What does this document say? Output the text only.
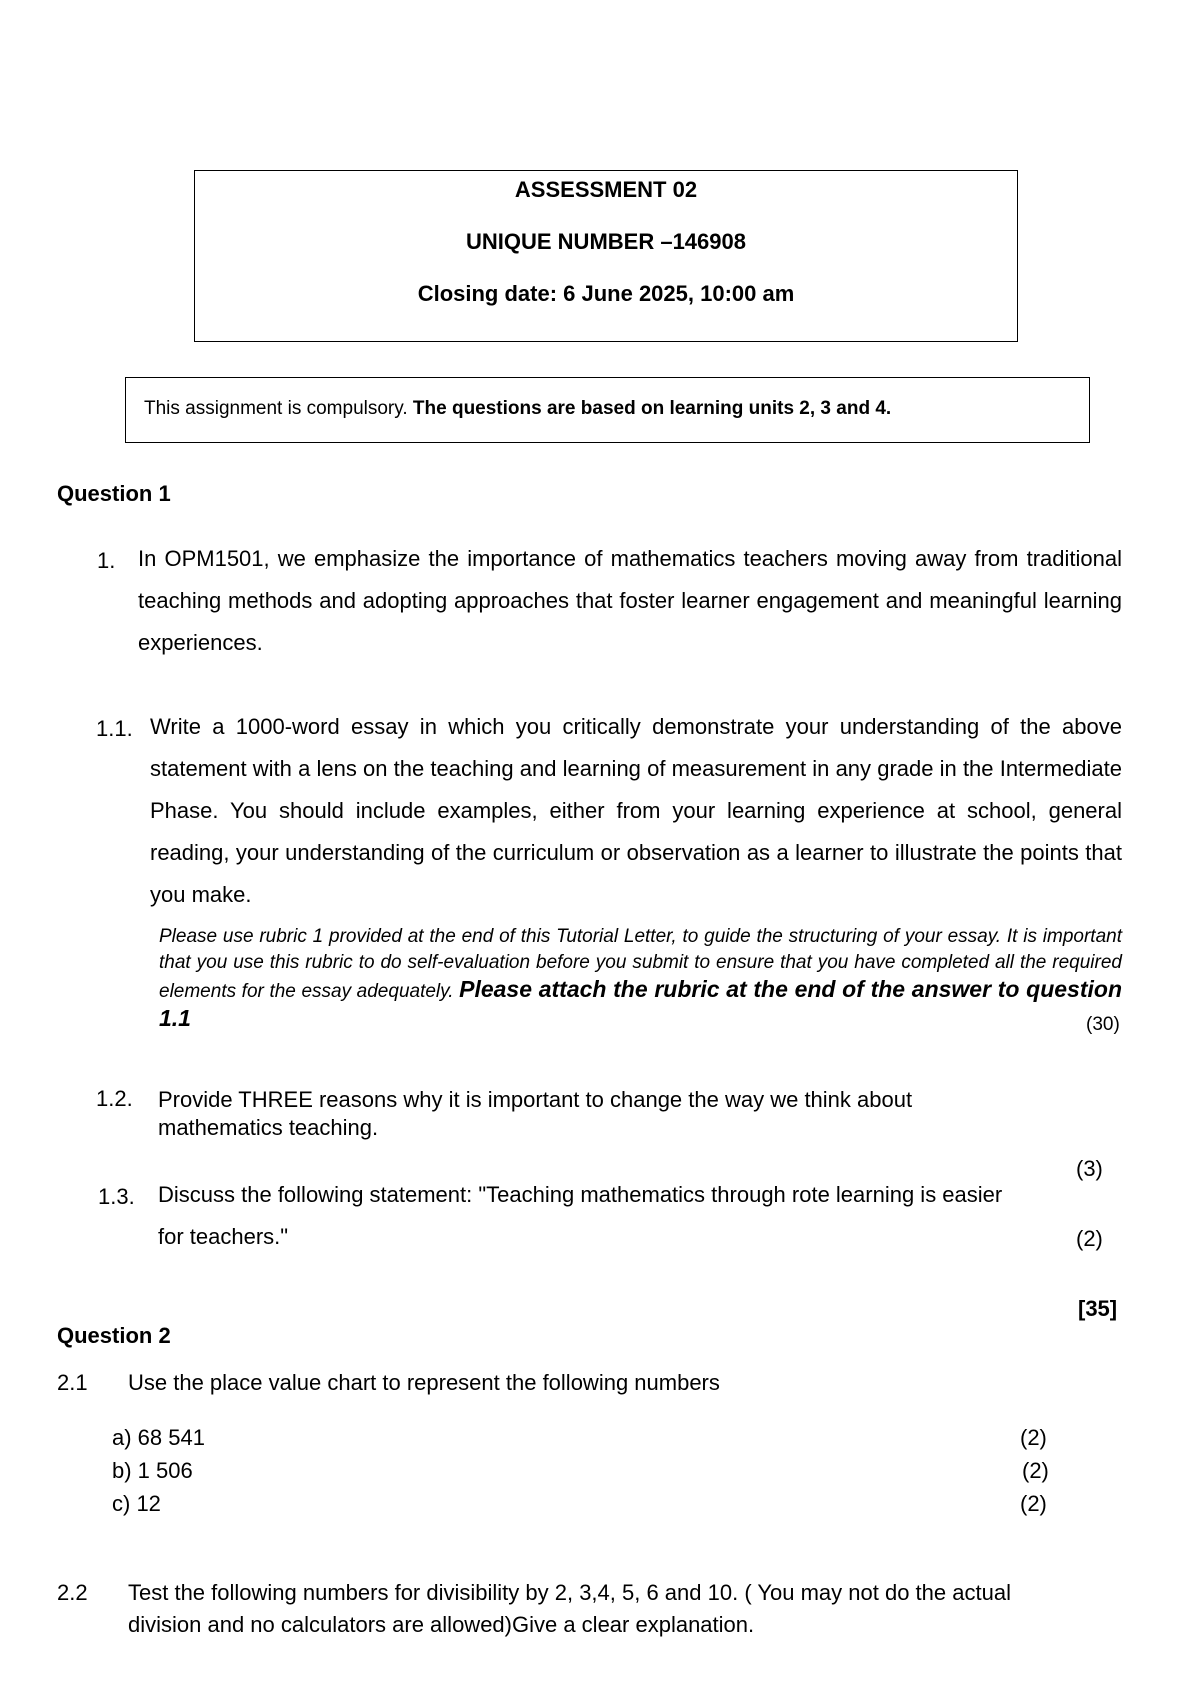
ASSESSMENT 02
UNIQUE NUMBER –146908
Closing date: 6 June 2025, 10:00 am
This assignment is compulsory. The questions are based on learning units 2, 3 and 4.
Question 1
1. In OPM1501, we emphasize the importance of mathematics teachers moving away from traditional teaching methods and adopting approaches that foster learner engagement and meaningful learning experiences.
1.1. Write a 1000-word essay in which you critically demonstrate your understanding of the above statement with a lens on the teaching and learning of measurement in any grade in the Intermediate Phase. You should include examples, either from your learning experience at school, general reading, your understanding of the curriculum or observation as a learner to illustrate the points that you make.
Please use rubric 1 provided at the end of this Tutorial Letter, to guide the structuring of your essay. It is important that you use this rubric to do self-evaluation before you submit to ensure that you have completed all the required elements for the essay adequately. Please attach the rubric at the end of the answer to question 1.1	(30)
1.2. Provide THREE reasons why it is important to change the way we think about mathematics teaching.
(3)
1.3. Discuss the following statement: "Teaching mathematics through rote learning is easier for teachers."	(2)
[35]
Question 2
2.1 Use the place value chart to represent the following numbers
a) 68 541	(2)
b) 1 506	(2)
c) 12	(2)
2.2 Test the following numbers for divisibility by 2, 3,4, 5, 6 and 10. ( You may not do the actual
division and no calculators are allowed)Give a clear explanation.
